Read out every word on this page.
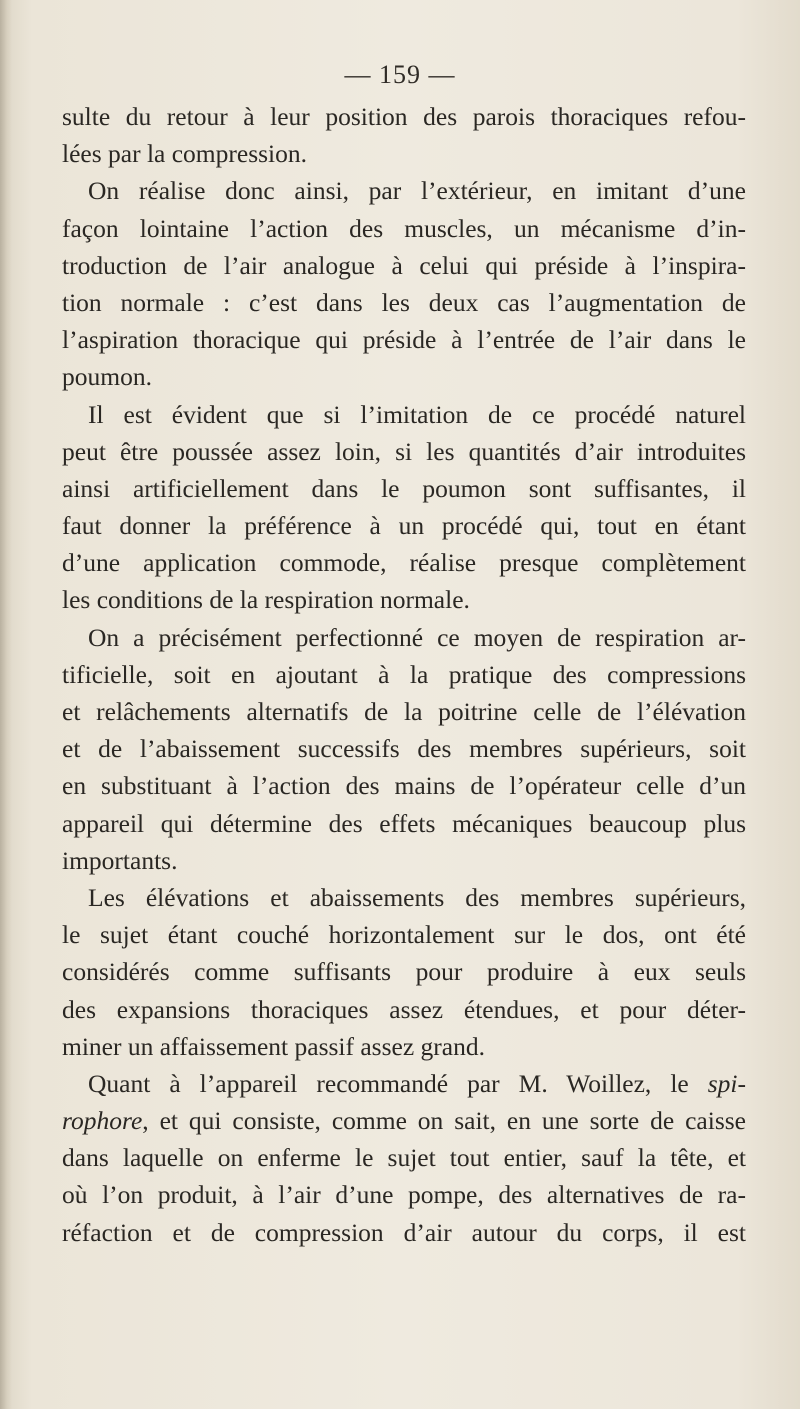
— 159 —
sulte du retour à leur position des parois thoraciques refou-
lées par la compression.
On réalise donc ainsi, par l’extérieur, en imitant d’une
façon lointaine l’action des muscles, un mécanisme d’in-
troduction de l’air analogue à celui qui préside à l’inspira-
tion normale : c’est dans les deux cas l’augmentation de
l’aspiration thoracique qui préside à l’entrée de l’air dans le
poumon.
Il est évident que si l’imitation de ce procédé naturel
peut être poussée assez loin, si les quantités d’air introduites
ainsi artificiellement dans le poumon sont suffisantes, il
faut donner la préférence à un procédé qui, tout en étant
d’une application commode, réalise presque complètement
les conditions de la respiration normale.
On a précisément perfectionné ce moyen de respiration ar-
tificielle, soit en ajoutant à la pratique des compressions
et relâchements alternatifs de la poitrine celle de l’élévation
et de l’abaissement successifs des membres supérieurs, soit
en substituant à l’action des mains de l’opérateur celle d’un
appareil qui détermine des effets mécaniques beaucoup plus
importants.
Les élévations et abaissements des membres supérieurs,
le sujet étant couché horizontalement sur le dos, ont été
considérés comme suffisants pour produire à eux seuls
des expansions thoraciques assez étendues, et pour déter-
miner un affaissement passif assez grand.
Quant à l’appareil recommandé par M. Woillez, le spi-
rophore, et qui consiste, comme on sait, en une sorte de caisse
dans laquelle on enferme le sujet tout entier, sauf la tête, et
où l’on produit, à l’air d’une pompe, des alternatives de ra-
réfaction et de compression d’air autour du corps, il est
